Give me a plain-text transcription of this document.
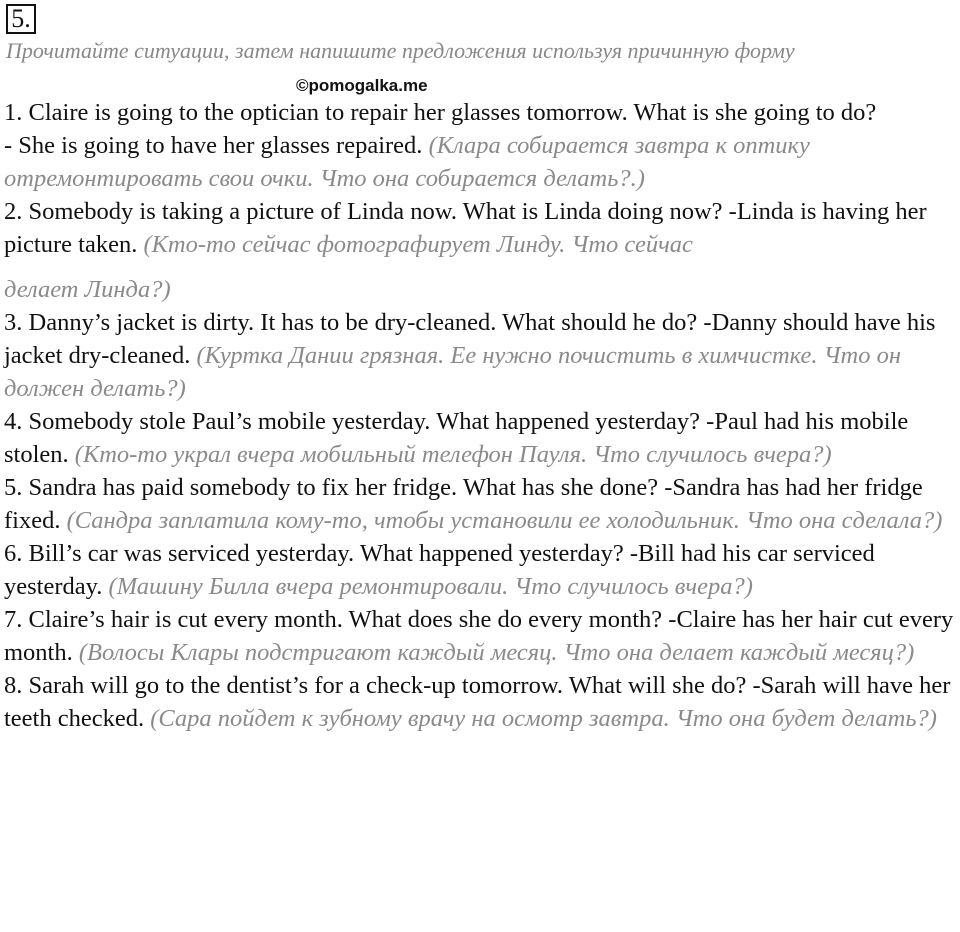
5.
Прочитайте ситуации, затем напишите предложения используя причинную форму
©pomogalka.me

1. Claire is going to the optician to repair her glasses tomorrow. What is she going to do?
- She is going to have her glasses repaired. (Клара собирается завтра к оптику отремонтировать свои очки. Что она собирается делать?.)

2. Somebody is taking a picture of Linda now. What is Linda doing now? -Linda is having her picture taken. (Кто-то сейчас фотографирует Линду. Что сейчас
делает Линда?)

3. Danny’s jacket is dirty. It has to be dry-cleaned. What should he do? -Danny should have his jacket dry-cleaned. (Куртка Дании грязная. Ее нужно почистить в химчистке. Что он должен делать?)

4. Somebody stole Paul’s mobile yesterday. What happened yesterday? -Paul had his mobile stolen. (Кто-то украл вчера мобильный телефон Пауля. Что случилось вчера?)

5. Sandra has paid somebody to fix her fridge. What has she done? -Sandra has had her fridge fixed. (Сандра заплатила кому-то, чтобы установили ее холодильник. Что она сделала?)

6. Bill’s car was serviced yesterday. What happened yesterday? -Bill had his car serviced yesterday. (Машину Билла вчера ремонтировали. Что случилось вчера?)

7. Claire’s hair is cut every month. What does she do every month? -Claire has her hair cut every month. (Волосы Клары подстригают каждый месяц. Что она делает каждый месяц?)

8. Sarah will go to the dentist’s for a check-up tomorrow. What will she do? -Sarah will have her teeth checked. (Сара пойдет к зубному врачу на осмотр завтра. Что она будет делать?)
